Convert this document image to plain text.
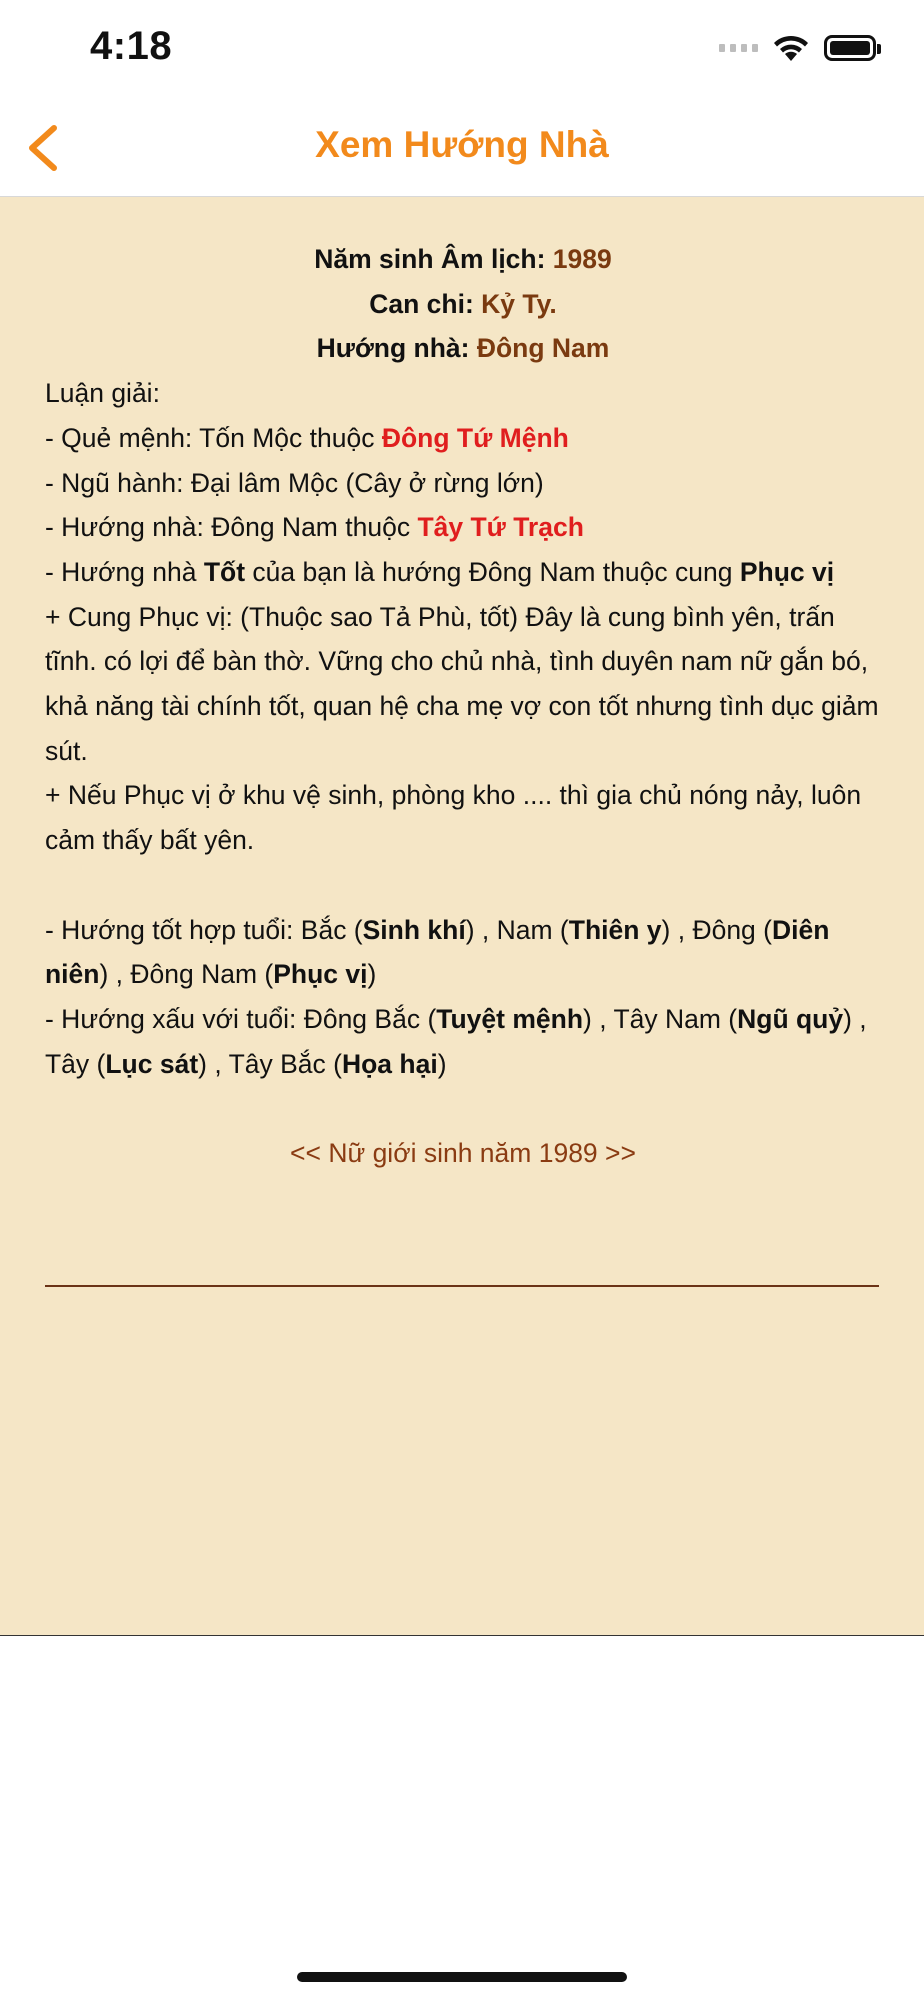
4:18
Xem Hướng Nhà
Năm sinh Âm lịch: 1989
Can chi: Kỷ Ty.
Hướng nhà: Đông Nam
Luận giải:
- Quẻ mệnh: Tốn Mộc thuộc Đông Tứ Mệnh
- Ngũ hành: Đại lâm Mộc (Cây ở rừng lớn)
- Hướng nhà: Đông Nam thuộc Tây Tứ Trạch
- Hướng nhà Tốt của bạn là hướng Đông Nam thuộc cung Phục vị
+ Cung Phục vị: (Thuộc sao Tả Phù, tốt) Đây là cung bình yên, trấn tĩnh. có lợi để bàn thờ. Vững cho chủ nhà, tình duyên nam nữ gắn bó, khả năng tài chính tốt, quan hệ cha mẹ vợ con tốt nhưng tình dục giảm sút.
+ Nếu Phục vị ở khu vệ sinh, phòng kho .... thì gia chủ nóng nảy, luôn cảm thấy bất yên.
- Hướng tốt hợp tuổi: Bắc (Sinh khí) , Nam (Thiên y) , Đông (Diên niên) , Đông Nam (Phục vị)
- Hướng xấu với tuổi: Đông Bắc (Tuyệt mệnh) , Tây Nam (Ngũ quỷ) , Tây (Lục sát) , Tây Bắc (Họa hại)
<< Nữ giới sinh năm 1989 >>
